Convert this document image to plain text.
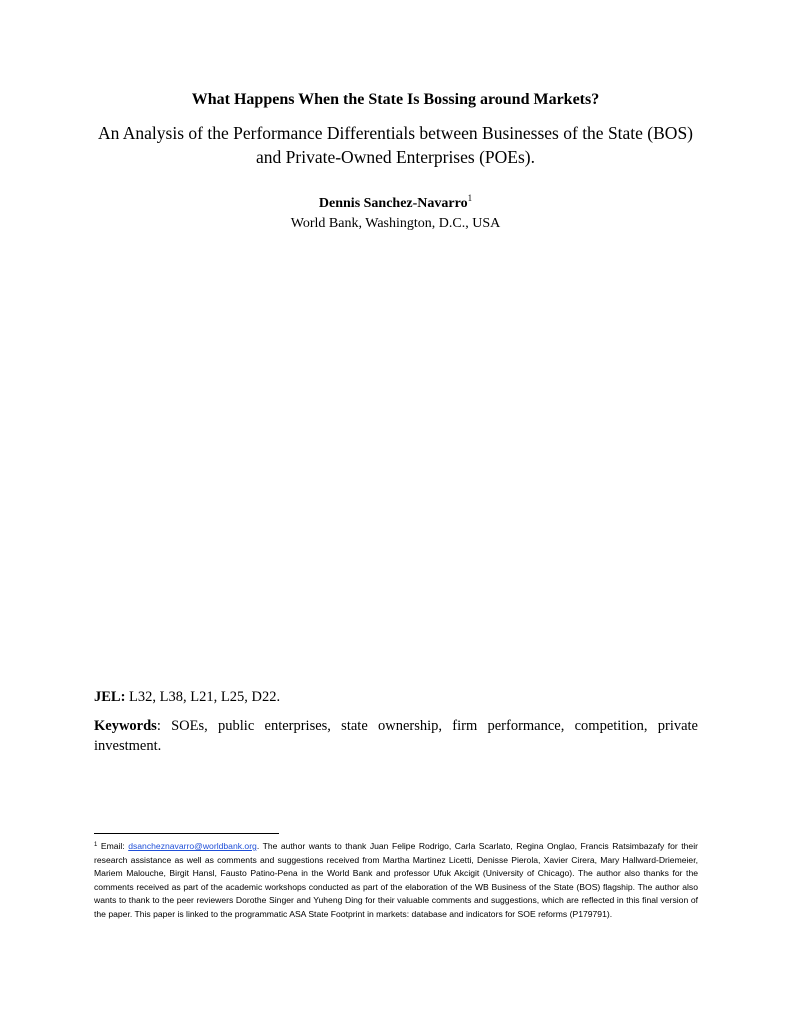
What Happens When the State Is Bossing around Markets?
An Analysis of the Performance Differentials between Businesses of the State (BOS) and Private-Owned Enterprises (POEs).
Dennis Sanchez-Navarro$^1$
World Bank, Washington, D.C., USA
JEL: L32, L38, L21, L25, D22.
Keywords: SOEs, public enterprises, state ownership, firm performance, competition, private investment.
$^1$ Email: dsancheznavarro@worldbank.org. The author wants to thank Juan Felipe Rodrigo, Carla Scarlato, Regina Onglao, Francis Ratsimbazafy for their research assistance as well as comments and suggestions received from Martha Martinez Licetti, Denisse Pierola, Xavier Cirera, Mary Hallward-Driemeier, Mariem Malouche, Birgit Hansl, Fausto Patino-Pena in the World Bank and professor Ufuk Akcigit (University of Chicago). The author also thanks for the comments received as part of the academic workshops conducted as part of the elaboration of the WB Business of the State (BOS) flagship. The author also wants to thank to the peer reviewers Dorothe Singer and Yuheng Ding for their valuable comments and suggestions, which are reflected in this final version of the paper. This paper is linked to the programmatic ASA State Footprint in markets: database and indicators for SOE reforms (P179791).
